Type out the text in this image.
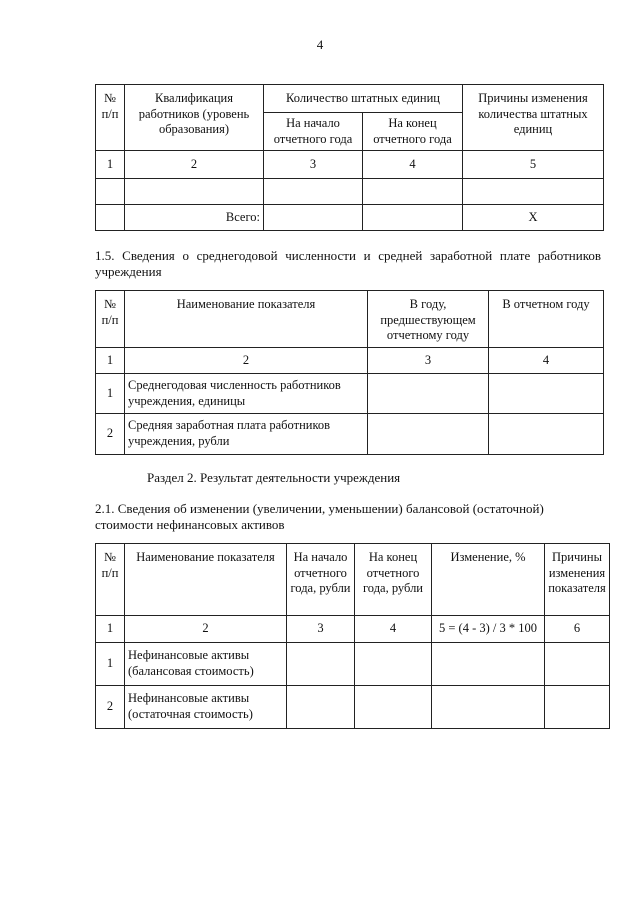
4
№ п/п	Квалификация работников (уровень образования)	Количество штатных единиц		Причины изменения количества штатных единиц
		На начало отчетного года	На конец отчетного года	
1	2	3	4	5

	Всего:			X
1.5. Сведения о среднегодовой численности и средней заработной плате работников учреждения
№ п/п	Наименование показателя	В году, предшествующем отчетному году	В отчетном году
1	2	3	4
1	Среднегодовая численность работников учреждения, единицы		
2	Средняя заработная плата работников учреждения, рубли		
Раздел 2. Результат деятельности учреждения
2.1. Сведения об изменении (увеличении, уменьшении) балансовой (остаточной) стоимости нефинансовых активов
№ п/п	Наименование показателя	На начало отчетного года, рубли	На конец отчетного года, рубли	Изменение, %	Причины изменения показателя
1	2	3	4	5 = (4 - 3) / 3 * 100	6
1	Нефинансовые активы (балансовая стоимость)				
2	Нефинансовые активы (остаточная стоимость)				
